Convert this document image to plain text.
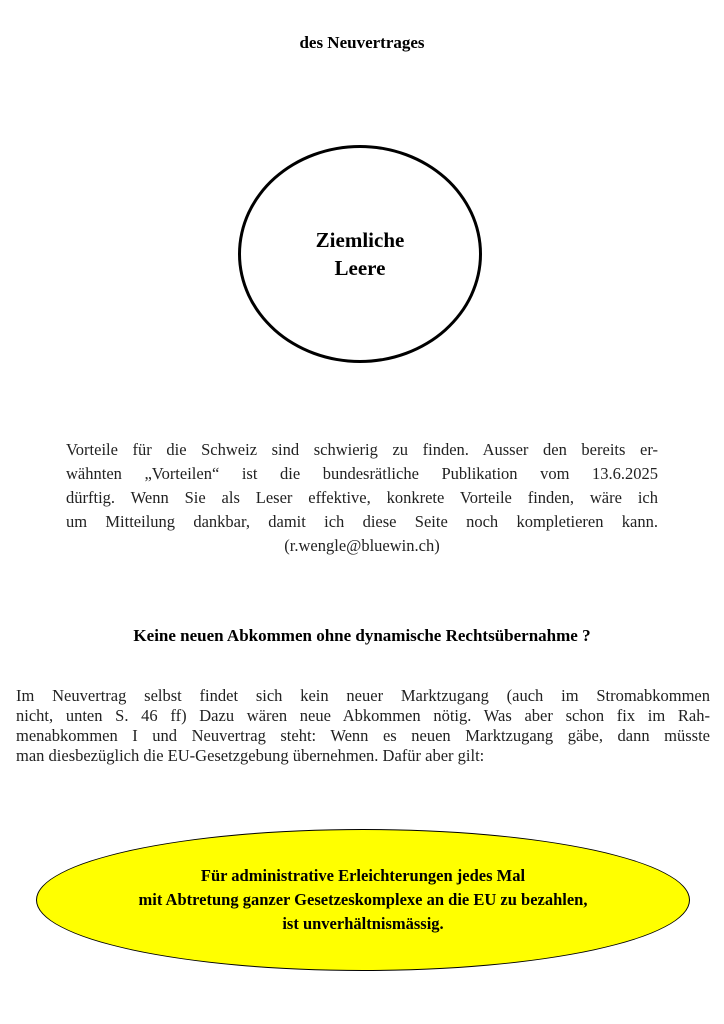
des Neuvertrages
Ziemliche
Leere
Vorteile für die Schweiz sind schwierig zu finden. Ausser den bereits er-
wähnten „Vorteilen“ ist die bundesrätliche Publikation vom 13.6.2025
dürftig. Wenn Sie als Leser effektive, konkrete Vorteile finden, wäre ich
um Mitteilung dankbar, damit ich diese Seite noch kompletieren kann.
(r.wengle@bluewin.ch)
Keine neuen Abkommen ohne dynamische Rechtsübernahme ?
Im Neuvertrag selbst findet sich kein neuer Marktzugang (auch im Stromabkommen
nicht, unten S. 46 ff) Dazu wären neue Abkommen nötig. Was aber schon fix im Rah-
menabkommen I und Neuvertrag steht: Wenn es neuen Marktzugang gäbe, dann müsste
man diesbezüglich die EU-Gesetzgebung übernehmen. Dafür aber gilt:
Für administrative Erleichterungen jedes Mal
mit Abtretung ganzer Gesetzeskomplexe an die EU zu bezahlen,
ist unverhältnismässig.
